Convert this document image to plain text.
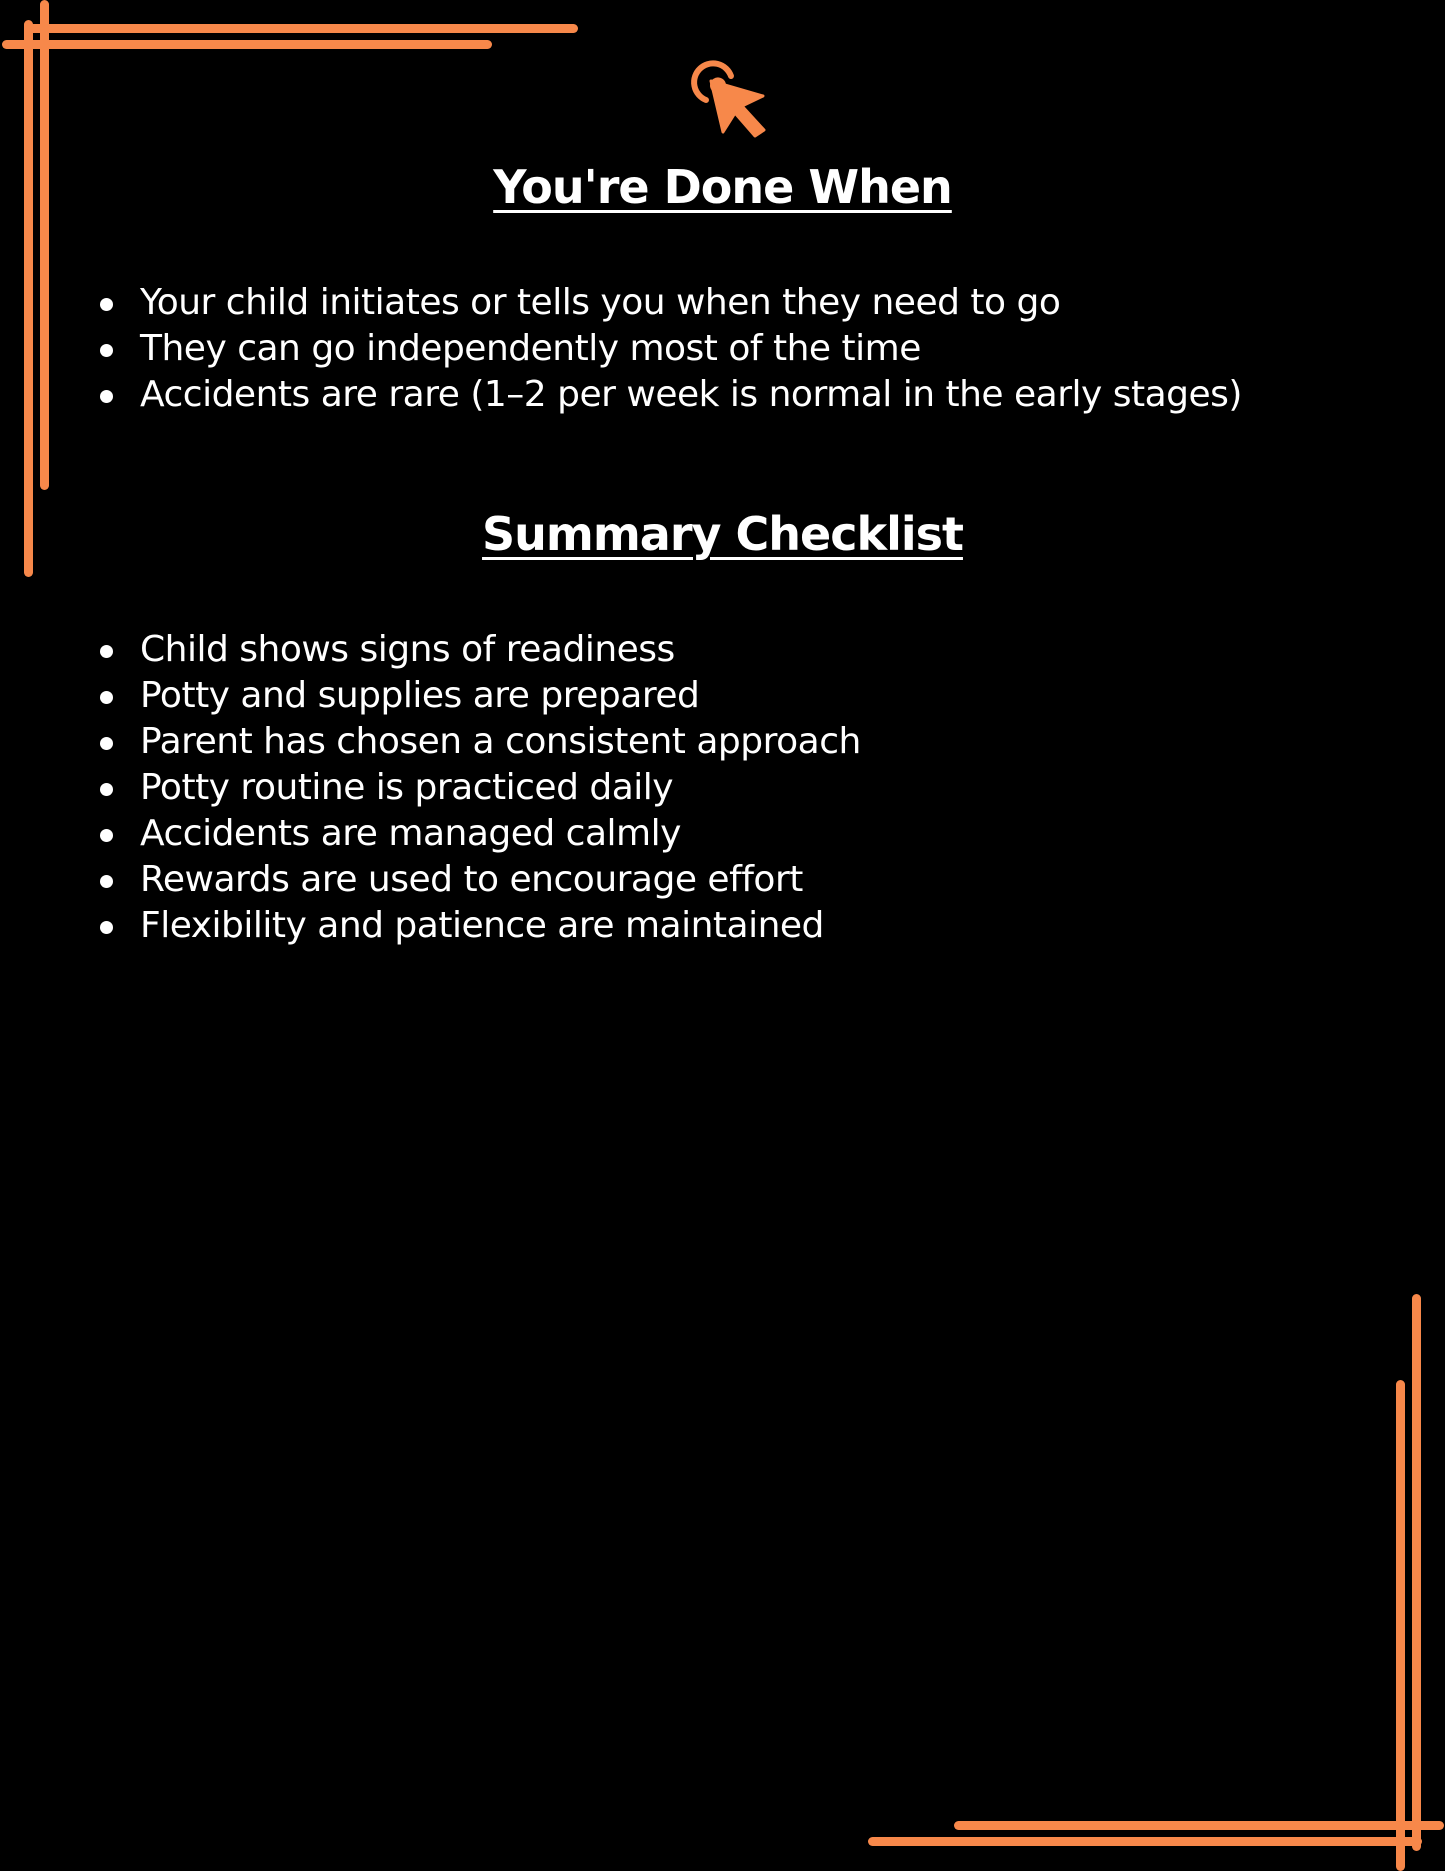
You're Done When
Your child initiates or tells you when they need to go
They can go independently most of the time
Accidents are rare (1–2 per week is normal in the early stages)
Summary Checklist
Child shows signs of readiness
Potty and supplies are prepared
Parent has chosen a consistent approach
Potty routine is practiced daily
Accidents are managed calmly
Rewards are used to encourage effort
Flexibility and patience are maintained
